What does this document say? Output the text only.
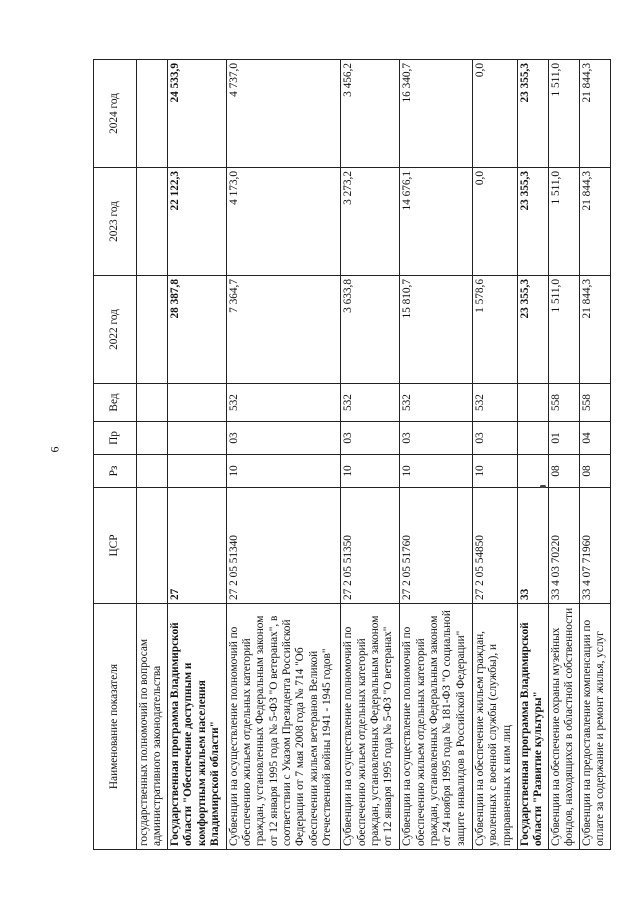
6
Наименование показателя	ЦСР	Рз	Пр	Вед	2022 год	2023 год	2024 год
государственных полномочий по вопросам административного законодательства							
Государственная программа Владимирской области "Обеспечение доступным и комфортным жильем населения Владимирской области"	27				28 387,8	22 122,3	24 533,9
Субвенции на осуществление полномочий по обеспечению жильем отдельных категорий граждан, установленных Федеральным законом от 12 января 1995 года № 5-ФЗ "О ветеранах", в соответствии с Указом Президента Российской Федерации от 7 мая 2008 года № 714 "Об обеспечении жильем ветеранов Великой Отечественной войны 1941 - 1945 годов"	27 2 05 51340	10	03	532	7 364,7	4 173,0	4 737,0
Субвенции на осуществление полномочий по обеспечению жильем отдельных категорий граждан, установленных Федеральным законом от 12 января 1995 года № 5-ФЗ "О ветеранах"	27 2 05 51350	10	03	532	3 633,8	3 273,2	3 456,2
Субвенции на осуществление полномочий по обеспечению жильем отдельных категорий граждан, установленных Федеральным законом от 24 ноября 1995 года № 181-ФЗ "О социальной защите инвалидов в Российской Федерации"	27 2 05 51760	10	03	532	15 810,7	14 676,1	16 340,7
Субвенции на обеспечение жильем граждан, уволенных с военной службы (службы), и приравненных к ним лиц	27 2 05 54850	10	03	532	1 578,6	0,0	0,0
Государственная программа Владимирской области "Развитие культуры"	33				23 355,3	23 355,3	23 355,3
Субвенции на обеспечение охраны музейных фондов, находящихся в областной собственности	33 4 03 70220	08	01	558	1 511,0	1 511,0	1 511,0
Субвенции на предоставление компенсации по оплате за содержание и ремонт жилья, услуг	33 4 07 71960	08	04	558	21 844,3	21 844,3	21 844,3
